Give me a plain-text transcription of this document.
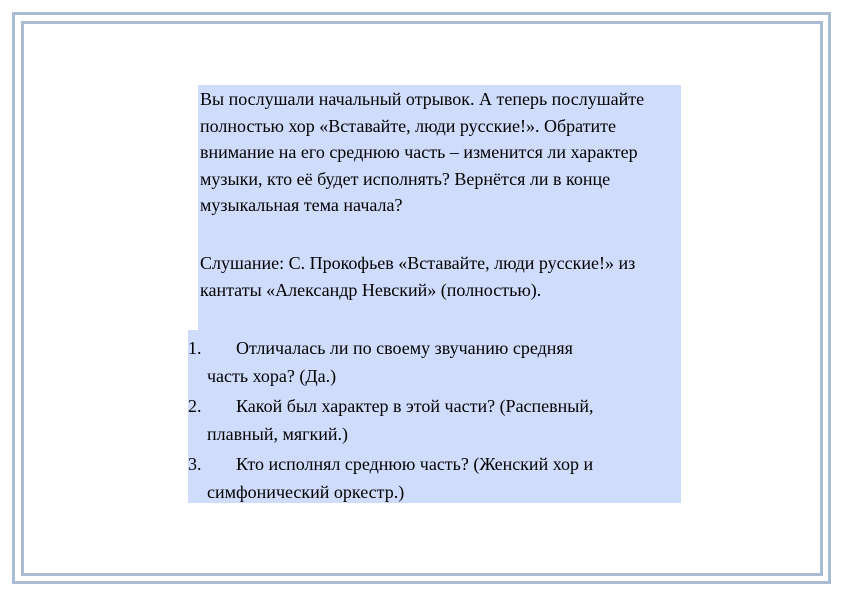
Вы послушали начальный отрывок. А теперь послушайте полностью хор «Вставайте, люди русские!». Обратите внимание на его среднюю часть – изменится ли характер музыки, кто её будет исполнять? Вернётся ли в конце музыкальная тема начала?

Слушание: С. Прокофьев «Вставайте, люди русские!» из кантаты «Александр Невский» (полностью).

1.	Отличалась ли по своему звучанию средняя
часть хора? (Да.)
2.	Какой был характер в этой части? (Распевный,
плавный, мягкий.)
3.	Кто исполнял среднюю часть? (Женский хор и
симфонический оркестр.)
